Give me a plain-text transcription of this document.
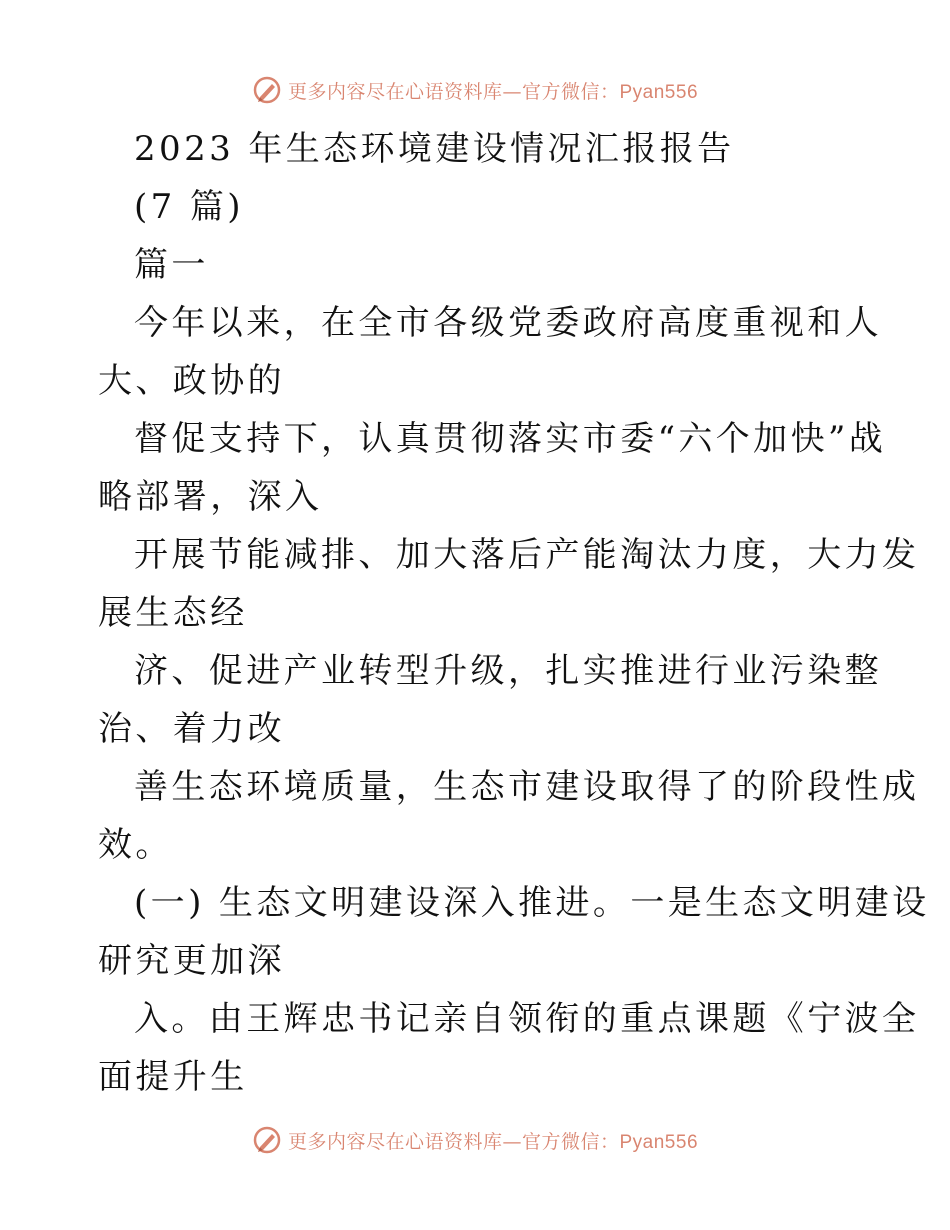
更多内容尽在心语资料库—官方微信：Pyan556
2023 年生态环境建设情况汇报报告
(7 篇)
篇一
今年以来，在全市各级党委政府高度重视和人
大、政协的
督促支持下，认真贯彻落实市委“六个加快”战
略部署，深入
开展节能减排、加大落后产能淘汰力度，大力发
展生态经
济、促进产业转型升级，扎实推进行业污染整
治、着力改
善生态环境质量，生态市建设取得了的阶段性成
效。
(一) 生态文明建设深入推进。一是生态文明建设
研究更加深
入。由王辉忠书记亲自领衔的重点课题《宁波全
面提升生
更多内容尽在心语资料库—官方微信：Pyan556
